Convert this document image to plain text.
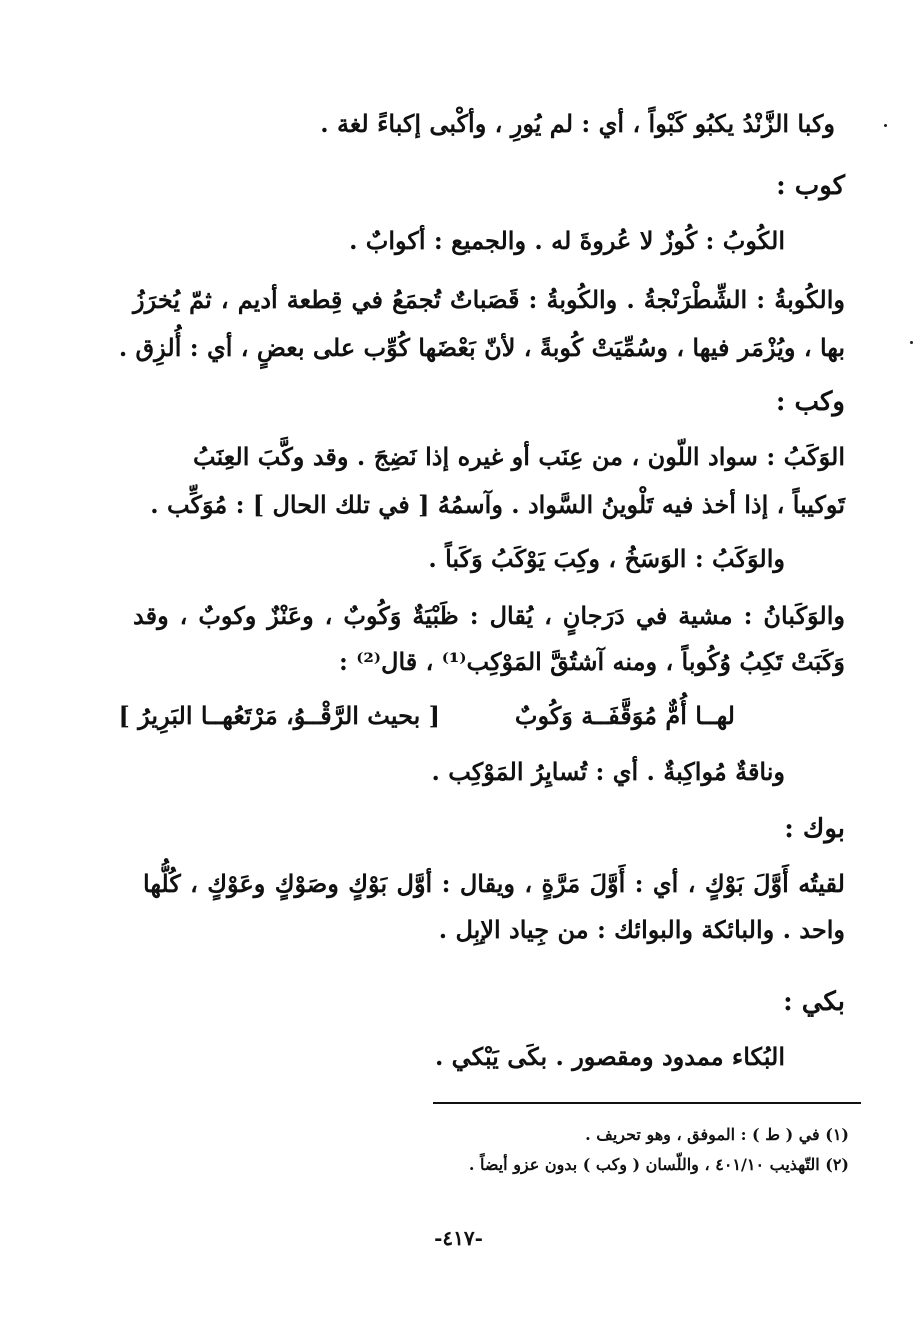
وكبا الزَّنْدُ يكبُو كَبْواً ، أي : لم يُورِ ، وأكْبى إكباءً لغة .
كوب :
الكُوبُ : كُوزٌ لا عُروةَ له . والجميع : أكوابٌ .
والكُوبةُ : الشِّطْرَنْجةُ . والكُوبةُ : قَصَباتٌ تُجمَعُ في قِطعة أديم ، ثمّ يُخرَزُ
بها ، ويُزْمَر فيها ، وسُمِّيَتْ كُوبةً ، لأنّ بَعْضَها كُوِّب على بعضٍ ، أي : أُلزِق .
وكب :
الوَكَبُ : سواد اللّون ، من عِنَب أو غيره إذا نَضِجَ . وقد وكَّبَ العِنَبُ
تَوكيباً ، إذا أخذ فيه تَلْوينُ السَّواد . وآسمُهُ [ في تلك الحال ] : مُوَكِّب .
والوَكَبُ : الوَسَخُ ، وكِبَ يَوْكَبُ وَكَباً .
والوَكَبانُ : مشية في دَرَجانٍ ، يُقال : ظَبْيَةٌ وَكُوبٌ ، وعَنْزٌ وكوبٌ ، وقد
وَكَبَتْ تَكِبُ وُكُوباً ، ومنه آشتُقَّ المَوْكِب⁽¹⁾ ، قال⁽²⁾ :
لهــا أُمٌّ مُوَقَّفَــة وَكُوبٌ
[ بحيث الرَّقْــوُ، مَرْتَعُهــا البَرِيرُ ]
وناقةٌ مُواكِبةٌ . أي : تُسايِرُ المَوْكِب .
بوك :
لقيتُه أَوَّلَ بَوْكٍ ، أي : أَوَّلَ مَرَّةٍ ، ويقال : أوَّل بَوْكٍ وصَوْكٍ وعَوْكٍ ، كُلُّها
واحد . والبائكة والبوائك : من جِياد الإبِل .
بكي :
البُكاء ممدود ومقصور . بكَى يَبْكي .
(١) في ( ط ) : الموفق ، وهو تحريف .
(٢) التّهذيب ٤٠١/١٠ ، واللّسان ( وكب ) بدون عزو أيضاً .
-٤١٧-
